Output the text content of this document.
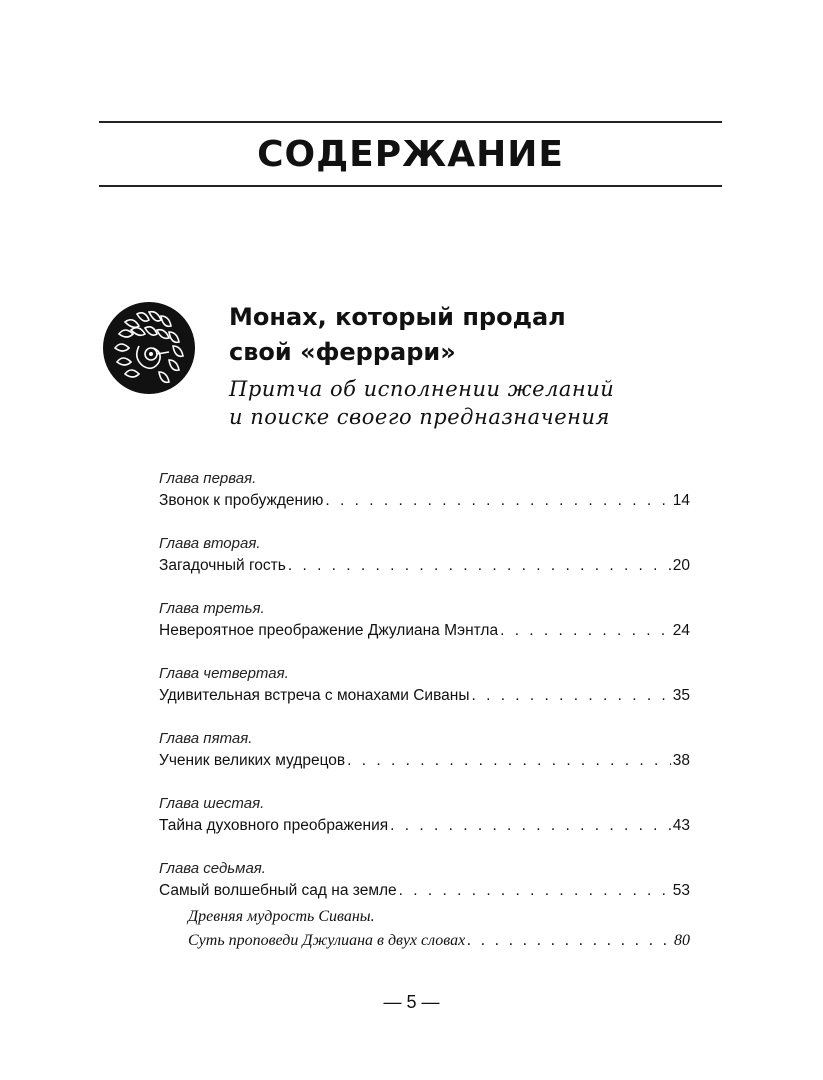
СОДЕРЖАНИЕ
Монах, который продал
свой «феррари»
Притча об исполнении желаний
и поиске своего предназначения
Глава первая.
Звонок к пробуждению . . .	14
Глава вторая.
Загадочный гость . . .	20
Глава третья.
Невероятное преображение Джулиана Мэнтла . . .	24
Глава четвертая.
Удивительная встреча с монахами Сиваны . . .	35
Глава пятая.
Ученик великих мудрецов . . .	38
Глава шестая.
Тайна духовного преображения . . .	43
Глава седьмая.
Самый волшебный сад на земле . . .	53
Древняя мудрость Сиваны.
Суть проповеди Джулиана в двух словах . . .	80
— 5 —
